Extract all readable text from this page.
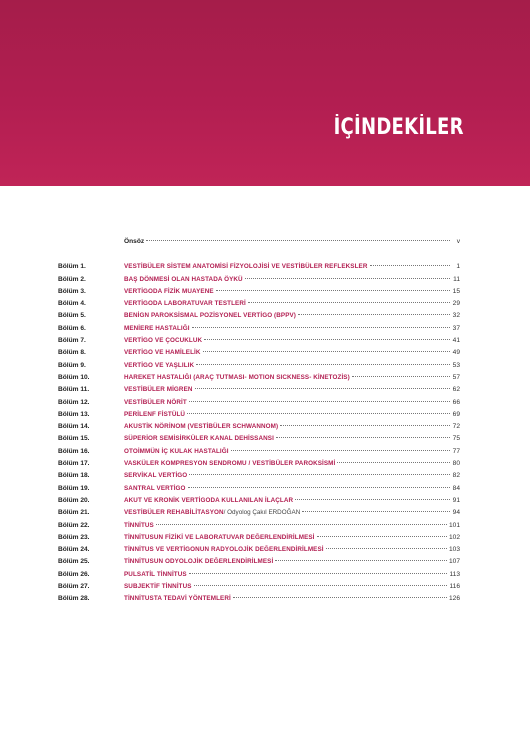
İÇİNDEKİLER
Önsöz	v
Bölüm 1.	VESTİBÜLER SİSTEM ANATOMİSİ FİZYOLOJİSİ VE VESTİBÜLER REFLEKSLER	1
Bölüm 2.	BAŞ DÖNMESİ OLAN HASTADA ÖYKÜ	11
Bölüm 3.	VERTİGODA FİZİK MUAYENE	15
Bölüm 4.	VERTİGODA LABORATUVAR TESTLERİ	29
Bölüm 5.	BENİGN PAROKSİSMAL POZİSYONEL VERTİGO (BPPV)	32
Bölüm 6.	MENİERE HASTALIĞI	37
Bölüm 7.	VERTİGO VE ÇOCUKLUK	41
Bölüm 8.	VERTİGO VE HAMİLELİK	49
Bölüm 9.	VERTİGO VE YAŞLILIK	53
Bölüm 10.	HAREKET HASTALIĞI (ARAÇ TUTMASI- MOTION SICKNESS- KİNETOZİS)	57
Bölüm 11.	VESTİBÜLER MİGREN	62
Bölüm 12.	VESTİBÜLER NÖRİT	66
Bölüm 13.	PERİLENF FİSTÜLÜ	69
Bölüm 14.	AKUSTİK NÖRİNOM (VESTİBÜLER SCHWANNOM)	72
Bölüm 15.	SÜPERİOR SEMİSİRKÜLER KANAL DEHİSSANSI	75
Bölüm 16.	OTOİMMÜN İÇ KULAK HASTALIĞI	77
Bölüm 17.	VASKÜLER KOMPRESYON SENDROMU / VESTİBÜLER PAROKSİSMİ	80
Bölüm 18.	SERVİKAL VERTİGO	82
Bölüm 19.	SANTRAL VERTİGO	84
Bölüm 20.	AKUT VE KRONİK VERTİGODA KULLANILAN İLAÇLAR	91
Bölüm 21.	VESTİBÜLER REHABİLİTASYON / Odyolog Çakıl ERDOĞAN	94
Bölüm 22.	TİNNİTUS	101
Bölüm 23.	TİNNİTUSUN FİZİKİ VE LABORATUVAR DEĞERLENDİRİLMESİ	102
Bölüm 24.	TİNNİTUS VE VERTİGONUN RADYOLOJİK DEĞERLENDİRİLMESİ	103
Bölüm 25.	TİNNİTUSUN ODYOLOJİK DEĞERLENDİRİLMESİ	107
Bölüm 26.	PULSATİL TİNNİTUS	113
Bölüm 27.	SUBJEKTİF TİNNİTUS	116
Bölüm 28.	TİNNİTUSTA TEDAVİ YÖNTEMLERİ	126
